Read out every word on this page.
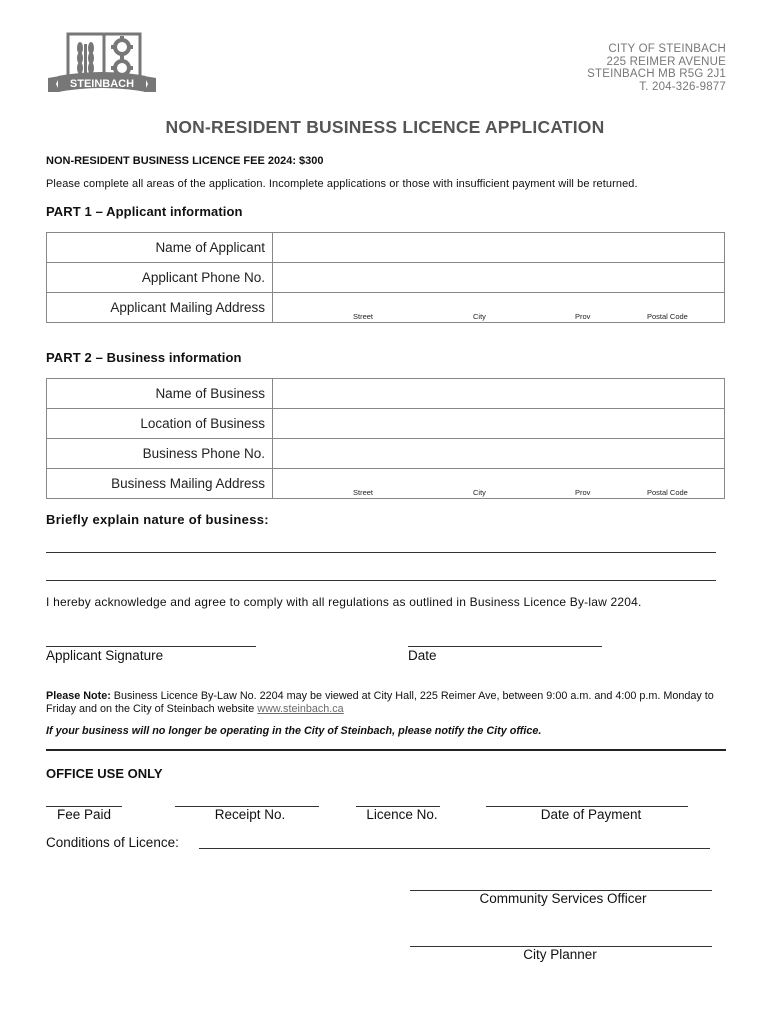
STEINBACH
CITY OF STEINBACH
225 REIMER AVENUE
STEINBACH MB R5G 2J1
T. 204-326-9877
NON-RESIDENT BUSINESS LICENCE APPLICATION
NON-RESIDENT BUSINESS LICENCE FEE 2024: $300
Please complete all areas of the application. Incomplete applications or those with insufficient payment will be returned.
PART 1 – Applicant information
Name of Applicant	
Applicant Phone No.	
Applicant Mailing Address	Street City Prov Postal Code
PART 2 – Business information
Name of Business	
Location of Business	
Business Phone No.	
Business Mailing Address	Street City Prov Postal Code
Briefly explain nature of business:
I hereby acknowledge and agree to comply with all regulations as outlined in Business Licence By-law 2204.
Applicant Signature	Date
Please Note: Business Licence By-Law No. 2204 may be viewed at City Hall, 225 Reimer Ave, between 9:00 a.m. and 4:00 p.m. Monday to Friday and on the City of Steinbach website www.steinbach.ca
If your business will no longer be operating in the City of Steinbach, please notify the City office.
OFFICE USE ONLY
Fee Paid	Receipt No.	Licence No.	Date of Payment
Conditions of Licence:
Community Services Officer
City Planner
